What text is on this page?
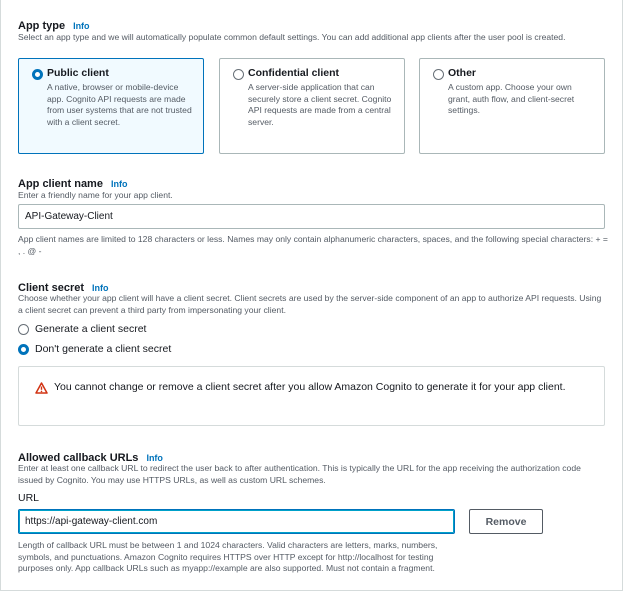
App type Info
Select an app type and we will automatically populate common default settings. You can add additional app clients after the user pool is created.
Public client
A native, browser or mobile-device app. Cognito API requests are made from user systems that are not trusted with a client secret.
Confidential client
A server-side application that can securely store a client secret. Cognito API requests are made from a central server.
Other
A custom app. Choose your own grant, auth flow, and client-secret settings.
App client name Info
Enter a friendly name for your app client.
API-Gateway-Client
App client names are limited to 128 characters or less. Names may only contain alphanumeric characters, spaces, and the following special characters: + = , . @ -
Client secret Info
Choose whether your app client will have a client secret. Client secrets are used by the server-side component of an app to authorize API requests. Using a client secret can prevent a third party from impersonating your client.
Generate a client secret
Don't generate a client secret
You cannot change or remove a client secret after you allow Amazon Cognito to generate it for your app client.
Allowed callback URLs Info
Enter at least one callback URL to redirect the user back to after authentication. This is typically the URL for the app receiving the authorization code issued by Cognito. You may use HTTPS URLs, as well as custom URL schemes.
URL
https://api-gateway-client.com	Remove
Length of callback URL must be between 1 and 1024 characters. Valid characters are letters, marks, numbers, symbols, and punctuations. Amazon Cognito requires HTTPS over HTTP except for http://localhost for testing purposes only. App callback URLs such as myapp://example are also supported. Must not contain a fragment.
